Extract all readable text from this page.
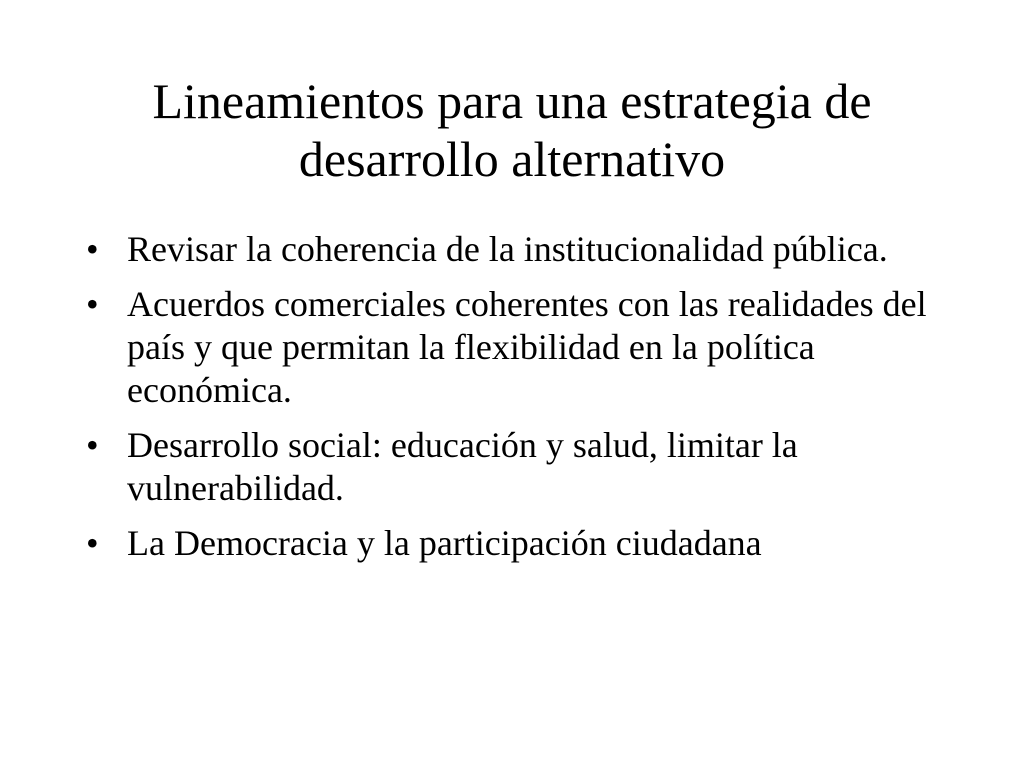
Lineamientos para una estrategia de desarrollo alternativo
• Revisar la coherencia de la institucionalidad pública.
• Acuerdos comerciales coherentes con las realidades del país y que permitan la flexibilidad en la política económica.
• Desarrollo social: educación y salud, limitar la vulnerabilidad.
• La Democracia y la participación ciudadana
